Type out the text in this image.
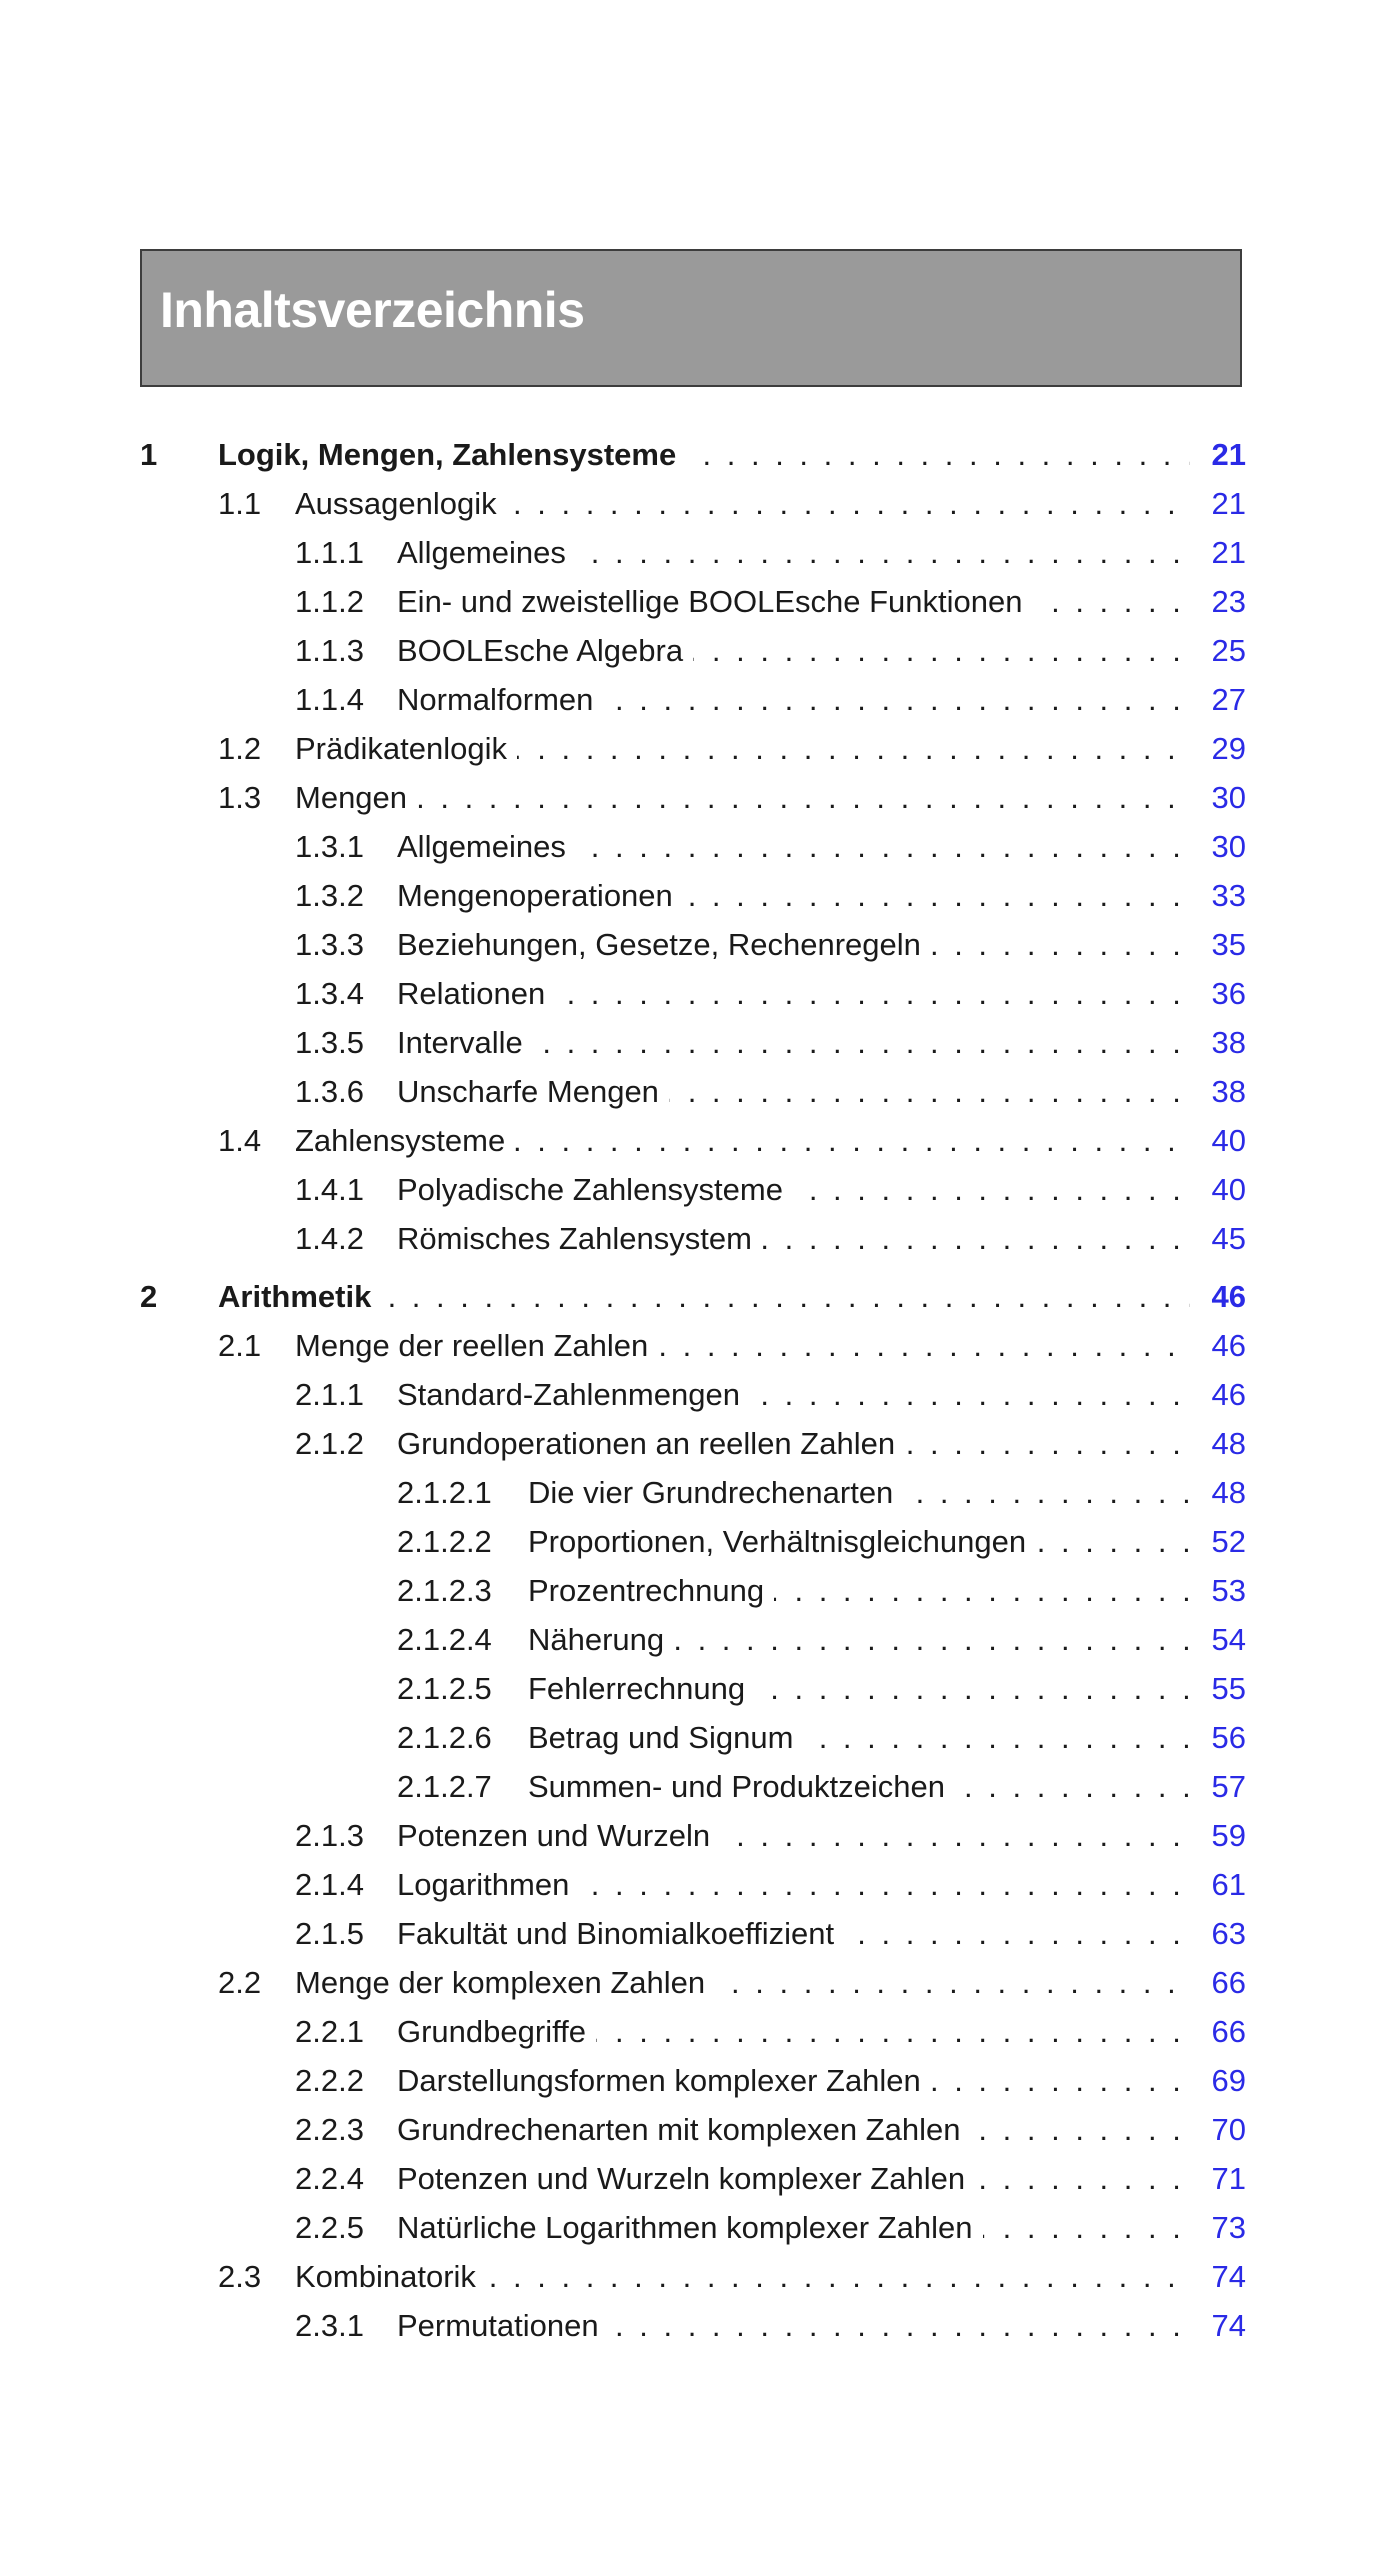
Inhaltsverzeichnis
1 . . . Logik, Mengen, Zahlensysteme	21
1.1 . . . Aussagenlogik	21
1.1.1 . . . Allgemeines	21
1.1.2 . . . Ein- und zweistellige BOOLEsche Funktionen	23
1.1.3 . . . BOOLEsche Algebra	25
1.1.4 . . . Normalformen	27
1.2 . . . Prädikatenlogik	29
1.3 . . . Mengen	30
1.3.1 . . . Allgemeines	30
1.3.2 . . . Mengenoperationen	33
1.3.3 . . . Beziehungen, Gesetze, Rechenregeln	35
1.3.4 . . . Relationen	36
1.3.5 . . . Intervalle	38
1.3.6 . . . Unscharfe Mengen	38
1.4 . . . Zahlensysteme	40
1.4.1 . . . Polyadische Zahlensysteme	40
1.4.2 . . . Römisches Zahlensystem	45
2 . . . Arithmetik	46
2.1 . . . Menge der reellen Zahlen	46
2.1.1 . . . Standard-Zahlenmengen	46
2.1.2 . . . Grundoperationen an reellen Zahlen	48
2.1.2.1 . . . Die vier Grundrechenarten	48
2.1.2.2 . . . Proportionen, Verhältnisgleichungen	52
2.1.2.3 . . . Prozentrechnung	53
2.1.2.4 . . . Näherung	54
2.1.2.5 . . . Fehlerrechnung	55
2.1.2.6 . . . Betrag und Signum	56
2.1.2.7 . . . Summen- und Produktzeichen	57
2.1.3 . . . Potenzen und Wurzeln	59
2.1.4 . . . Logarithmen	61
2.1.5 . . . Fakultät und Binomialkoeffizient	63
2.2 . . . Menge der komplexen Zahlen	66
2.2.1 . . . Grundbegriffe	66
2.2.2 . . . Darstellungsformen komplexer Zahlen	69
2.2.3 . . . Grundrechenarten mit komplexen Zahlen	70
2.2.4 . . . Potenzen und Wurzeln komplexer Zahlen	71
2.2.5 . . . Natürliche Logarithmen komplexer Zahlen	73
2.3 . . . Kombinatorik	74
2.3.1 . . . Permutationen	74
